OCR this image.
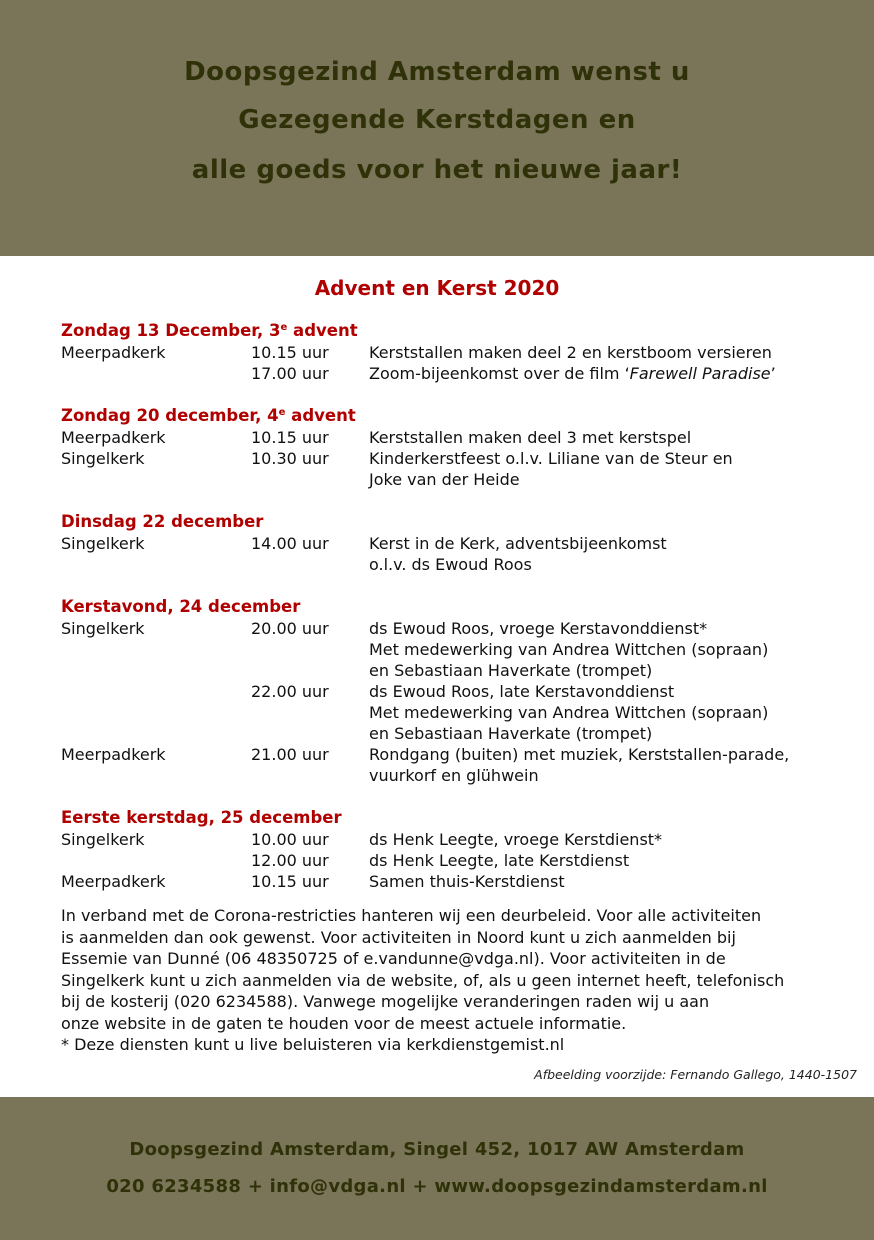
Doopsgezind Amsterdam wenst u
Gezegende Kerstdagen en
alle goeds voor het nieuwe jaar!
Advent en Kerst 2020
Zondag 13 December, 3e advent
Meerpadkerk	10.15 uur	Kerststallen maken deel 2 en kerstboom versieren
17.00 uur	Zoom-bijeenkomst over de film ‘Farewell Paradise’
Zondag 20 december, 4e advent
Meerpadkerk	10.15 uur	Kerststallen maken deel 3 met kerstspel
Singelkerk	10.30 uur	Kinderkerstfeest o.l.v. Liliane van de Steur en
Joke van der Heide
Dinsdag 22 december
Singelkerk	14.00 uur	Kerst in de Kerk, adventsbijeenkomst
o.l.v. ds Ewoud Roos
Kerstavond, 24 december
Singelkerk	20.00 uur	ds Ewoud Roos, vroege Kerstavonddienst*
Met medewerking van Andrea Wittchen (sopraan)
en Sebastiaan Haverkate (trompet)
22.00 uur	ds Ewoud Roos, late Kerstavonddienst
Met medewerking van Andrea Wittchen (sopraan)
en Sebastiaan Haverkate (trompet)
Meerpadkerk	21.00 uur	Rondgang (buiten) met muziek, Kerststallen-parade,
vuurkorf en glühwein
Eerste kerstdag, 25 december
Singelkerk	10.00 uur	ds Henk Leegte, vroege Kerstdienst*
12.00 uur	ds Henk Leegte, late Kerstdienst
Meerpadkerk	10.15 uur	Samen thuis-Kerstdienst
In verband met de Corona-restricties hanteren wij een deurbeleid. Voor alle activiteiten
is aanmelden dan ook gewenst. Voor activiteiten in Noord kunt u zich aanmelden bij
Essemie van Dunné (06 48350725 of e.vandunne@vdga.nl). Voor activiteiten in de
Singelkerk kunt u zich aanmelden via de website, of, als u geen internet heeft, telefonisch
bij de kosterij (020 6234588). Vanwege mogelijke veranderingen raden wij u aan
onze website in de gaten te houden voor de meest actuele informatie.
* Deze diensten kunt u live beluisteren via kerkdienstgemist.nl
Afbeelding voorzijde: Fernando Gallego, 1440-1507
Doopsgezind Amsterdam, Singel 452, 1017 AW Amsterdam
020 6234588 + info@vdga.nl + www.doopsgezindamsterdam.nl
